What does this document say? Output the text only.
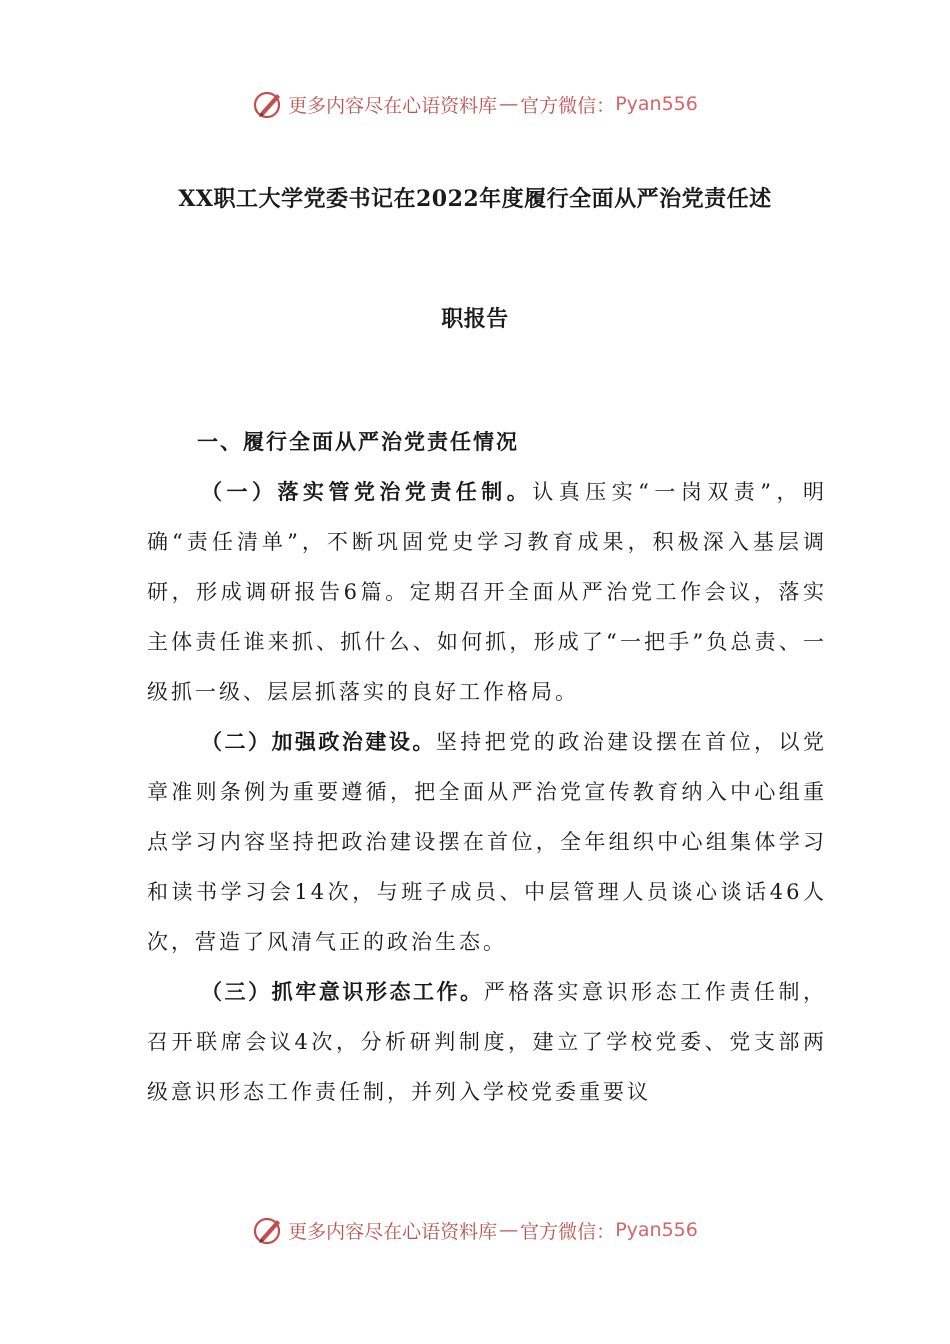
更多内容尽在心语资料库 — 官方微信： Pyan556
XX职工大学党委书记在2022年度履行全面从严治党责任述
职报告
一、履行全面从严治党责任情况

（一）落实管党治党责任制。认真压实“一岗双责”，明确“责任清单”，不断巩固党史学习教育成果，积极深入基层调研，形成调研报告6篇。定期召开全面从严治党工作会议，落实主体责任谁来抓、抓什么、如何抓，形成了“一把手”负总责、一级抓一级、层层抓落实的良好工作格局。

（二）加强政治建设。坚持把党的政治建设摆在首位，以党章准则条例为重要遵循，把全面从严治党宣传教育纳入中心组重点学习内容坚持把政治建设摆在首位，全年组织中心组集体学习和读书学习会14次，与班子成员、中层管理人员谈心谈话46人次，营造了风清气正的政治生态。

（三）抓牢意识形态工作。严格落实意识形态工作责任制，召开联席会议4次，分析研判制度，建立了学校党委、党支部两级意识形态工作责任制，并列入学校党委重要议

更多内容尽在心语资料库 — 官方微信： Pyan556
